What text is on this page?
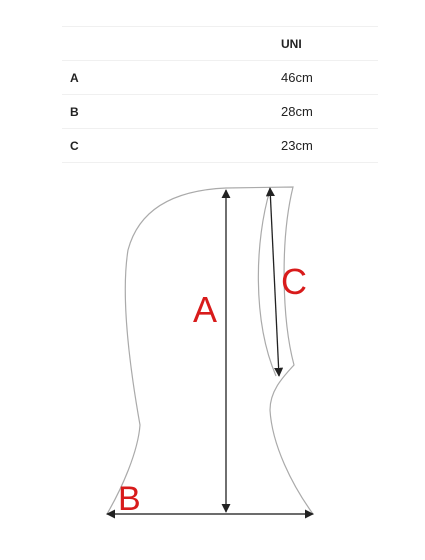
	UNI
A	46cm
B	28cm
C	23cm
A
B
C
